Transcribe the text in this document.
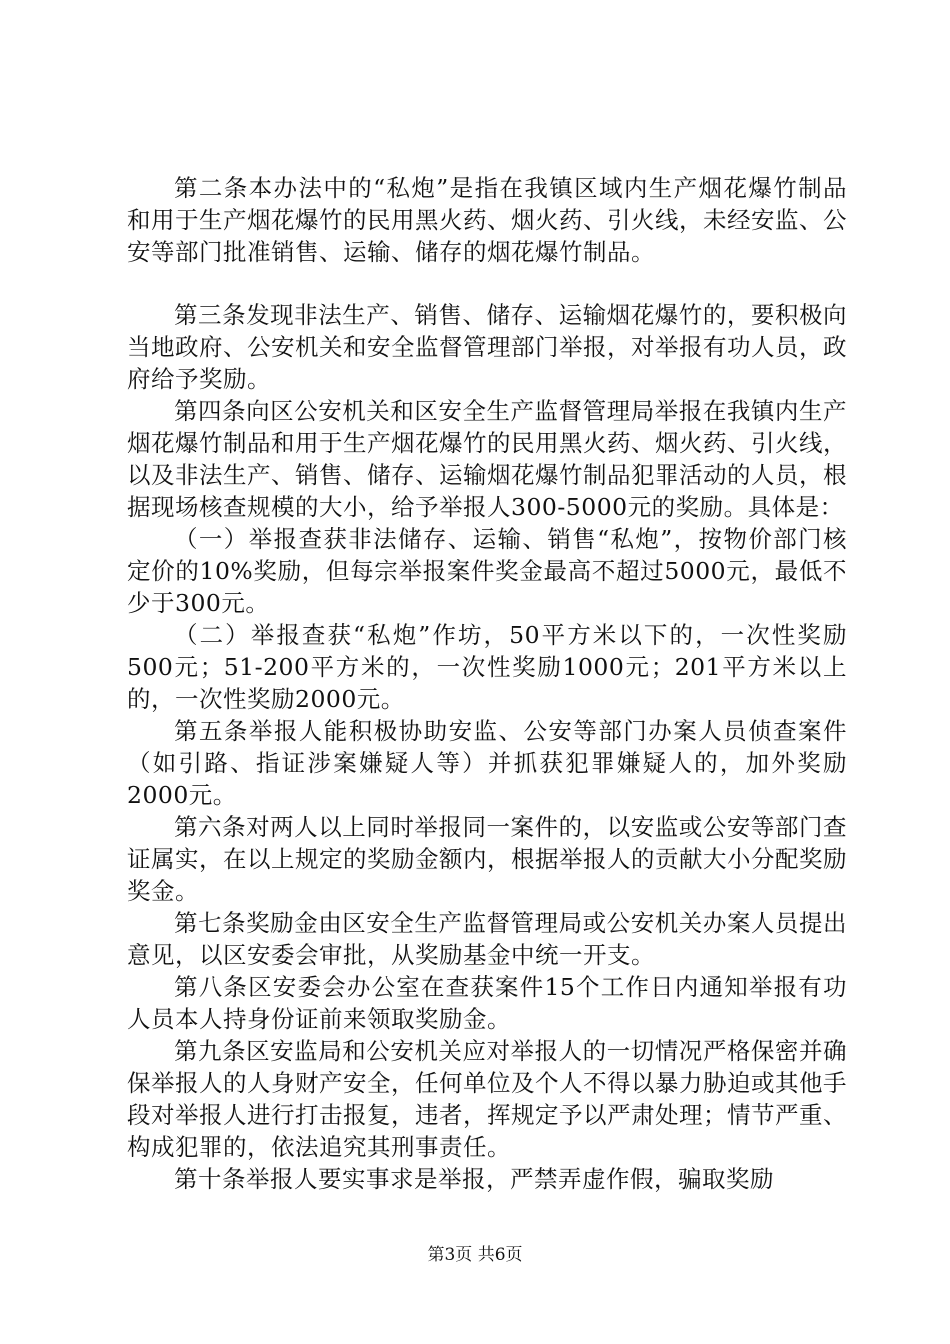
第二条本办法中的“私炮”是指在我镇区域内生产烟花爆竹制品和用于生产烟花爆竹的民用黑火药、烟火药、引火线，未经安监、公安等部门批准销售、运输、储存的烟花爆竹制品。

第三条发现非法生产、销售、储存、运输烟花爆竹的，要积极向当地政府、公安机关和安全监督管理部门举报，对举报有功人员，政府给予奖励。

第四条向区公安机关和区安全生产监督管理局举报在我镇内生产烟花爆竹制品和用于生产烟花爆竹的民用黑火药、烟火药、引火线，以及非法生产、销售、储存、运输烟花爆竹制品犯罪活动的人员，根据现场核查规模的大小，给予举报人300-5000元的奖励。具体是：

（一）举报查获非法储存、运输、销售“私炮”，按物价部门核定价的10%奖励，但每宗举报案件奖金最高不超过5000元，最低不少于300元。

（二）举报查获“私炮”作坊，50平方米以下的，一次性奖励500元；51-200平方米的，一次性奖励1000元；201平方米以上的，一次性奖励2000元。

第五条举报人能积极协助安监、公安等部门办案人员侦查案件（如引路、指证涉案嫌疑人等）并抓获犯罪嫌疑人的，加外奖励2000元。

第六条对两人以上同时举报同一案件的，以安监或公安等部门查证属实，在以上规定的奖励金额内，根据举报人的贡献大小分配奖励奖金。

第七条奖励金由区安全生产监督管理局或公安机关办案人员提出意见，以区安委会审批，从奖励基金中统一开支。

第八条区安委会办公室在查获案件15个工作日内通知举报有功人员本人持身份证前来领取奖励金。

第九条区安监局和公安机关应对举报人的一切情况严格保密并确保举报人的人身财产安全，任何单位及个人不得以暴力胁迫或其他手段对举报人进行打击报复，违者，挥规定予以严肃处理；情节严重、构成犯罪的，依法追究其刑事责任。

第十条举报人要实事求是举报，严禁弄虚作假，骗取奖励

第3页 共6页
